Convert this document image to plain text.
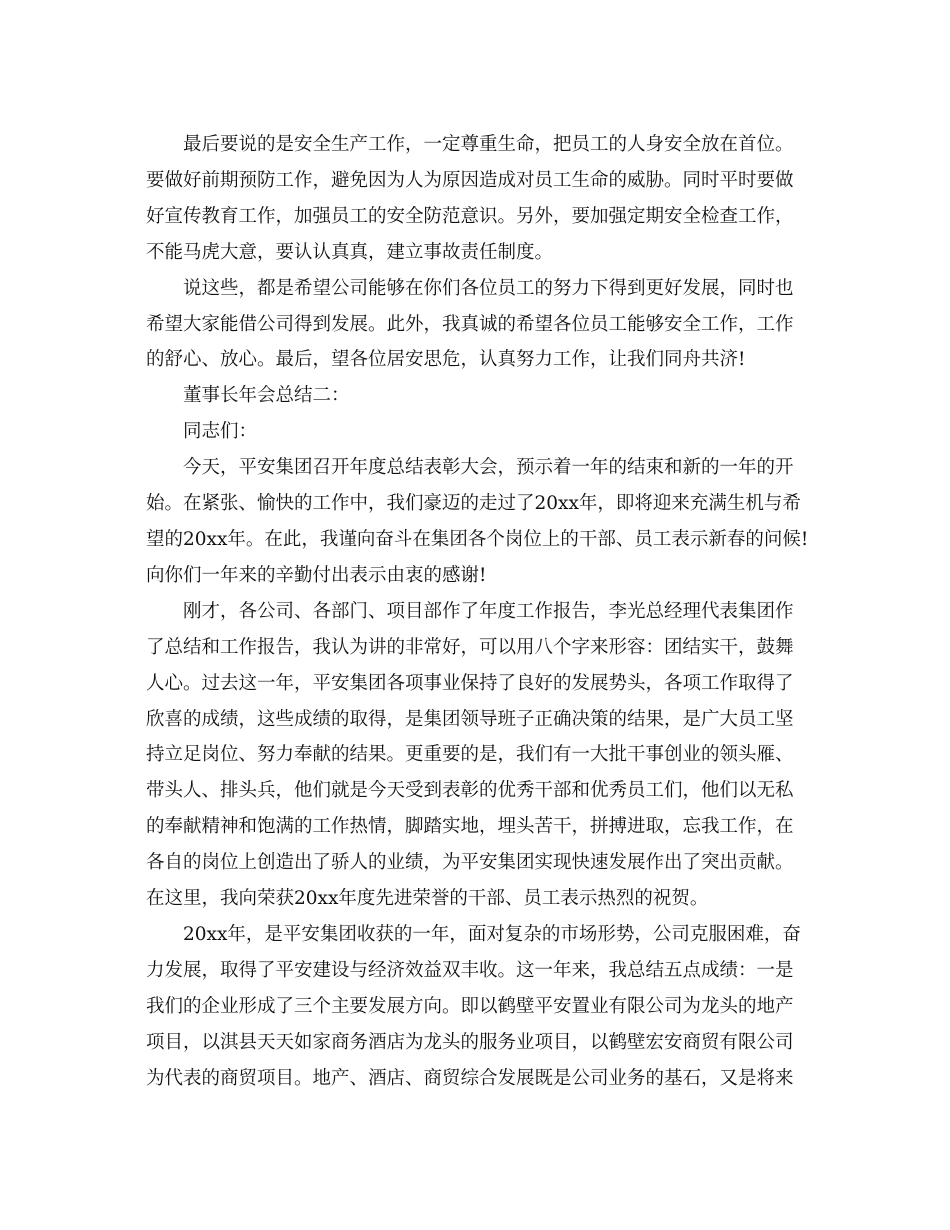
最后要说的是安全生产工作，一定尊重生命，把员工的人身安全放在首位。
要做好前期预防工作，避免因为人为原因造成对员工生命的威胁。同时平时要做
好宣传教育工作，加强员工的安全防范意识。另外，要加强定期安全检查工作，
不能马虎大意，要认认真真，建立事故责任制度。
说这些，都是希望公司能够在你们各位员工的努力下得到更好发展，同时也
希望大家能借公司得到发展。此外，我真诚的希望各位员工能够安全工作，工作
的舒心、放心。最后，望各位居安思危，认真努力工作，让我们同舟共济!
董事长年会总结二：
同志们：
今天，平安集团召开年度总结表彰大会，预示着一年的结束和新的一年的开
始。在紧张、愉快的工作中，我们豪迈的走过了20xx年，即将迎来充满生机与希
望的20xx年。在此，我谨向奋斗在集团各个岗位上的干部、员工表示新春的问候!
向你们一年来的辛勤付出表示由衷的感谢!
刚才，各公司、各部门、项目部作了年度工作报告，李光总经理代表集团作
了总结和工作报告，我认为讲的非常好，可以用八个字来形容：团结实干，鼓舞
人心。过去这一年，平安集团各项事业保持了良好的发展势头，各项工作取得了
欣喜的成绩，这些成绩的取得，是集团领导班子正确决策的结果，是广大员工坚
持立足岗位、努力奉献的结果。更重要的是，我们有一大批干事创业的领头雁、
带头人、排头兵，他们就是今天受到表彰的优秀干部和优秀员工们，他们以无私
的奉献精神和饱满的工作热情，脚踏实地，埋头苦干，拼搏进取，忘我工作，在
各自的岗位上创造出了骄人的业绩，为平安集团实现快速发展作出了突出贡献。
在这里，我向荣获20xx年度先进荣誉的干部、员工表示热烈的祝贺。
20xx年，是平安集团收获的一年，面对复杂的市场形势，公司克服困难，奋
力发展，取得了平安建设与经济效益双丰收。这一年来，我总结五点成绩：一是
我们的企业形成了三个主要发展方向。即以鹤壁平安置业有限公司为龙头的地产
项目，以淇县天天如家商务酒店为龙头的服务业项目，以鹤壁宏安商贸有限公司
为代表的商贸项目。地产、酒店、商贸综合发展既是公司业务的基石，又是将来
